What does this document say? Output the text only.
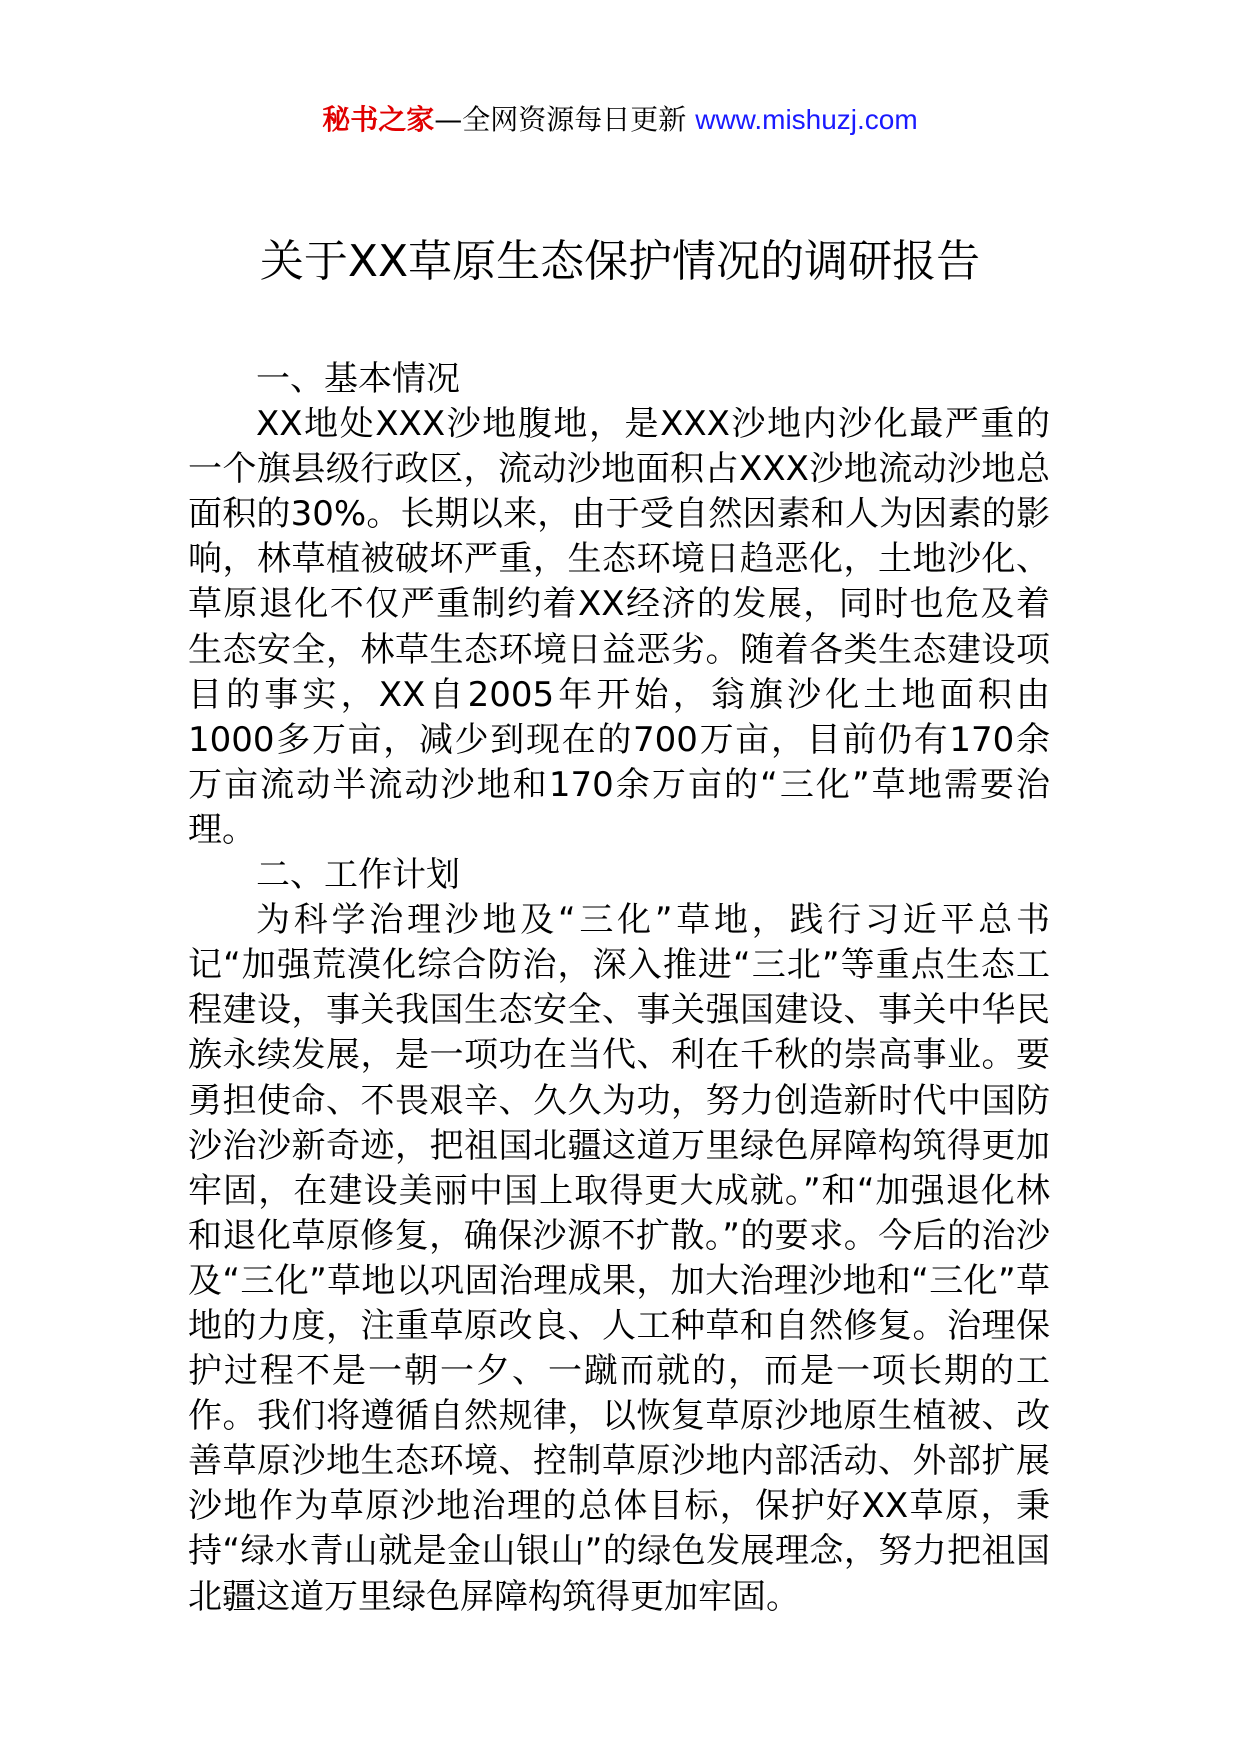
秘书之家—全网资源每日更新 www.mishuzj.com
关于XX草原生态保护情况的调研报告

一、基本情况

XX地处XXX沙地腹地，是XXX沙地内沙化最严重的一个旗县级行政区，流动沙地面积占XXX沙地流动沙地总面积的30%。长期以来，由于受自然因素和人为因素的影响，林草植被破坏严重，生态环境日趋恶化，土地沙化、草原退化不仅严重制约着XX经济的发展，同时也危及着生态安全，林草生态环境日益恶劣。随着各类生态建设项目的事实，XX自2005年开始，翁旗沙化土地面积由1000多万亩，减少到现在的700万亩，目前仍有170余万亩流动半流动沙地和170余万亩的“三化”草地需要治理。

二、工作计划

为科学治理沙地及“三化”草地，践行习近平总书记“加强荒漠化综合防治，深入推进“三北”等重点生态工程建设，事关我国生态安全、事关强国建设、事关中华民族永续发展，是一项功在当代、利在千秋的崇高事业。要勇担使命、不畏艰辛、久久为功，努力创造新时代中国防沙治沙新奇迹，把祖国北疆这道万里绿色屏障构筑得更加牢固，在建设美丽中国上取得更大成就。”和“加强退化林和退化草原修复，确保沙源不扩散。”的要求。今后的治沙及“三化”草地以巩固治理成果，加大治理沙地和“三化”草地的力度，注重草原改良、人工种草和自然修复。治理保护过程不是一朝一夕、一蹴而就的，而是一项长期的工作。我们将遵循自然规律，以恢复草原沙地原生植被、改善草原沙地生态环境、控制草原沙地内部活动、外部扩展沙地作为草原沙地治理的总体目标，保护好XX草原，秉持“绿水青山就是金山银山”的绿色发展理念，努力把祖国北疆这道万里绿色屏障构筑得更加牢固。
